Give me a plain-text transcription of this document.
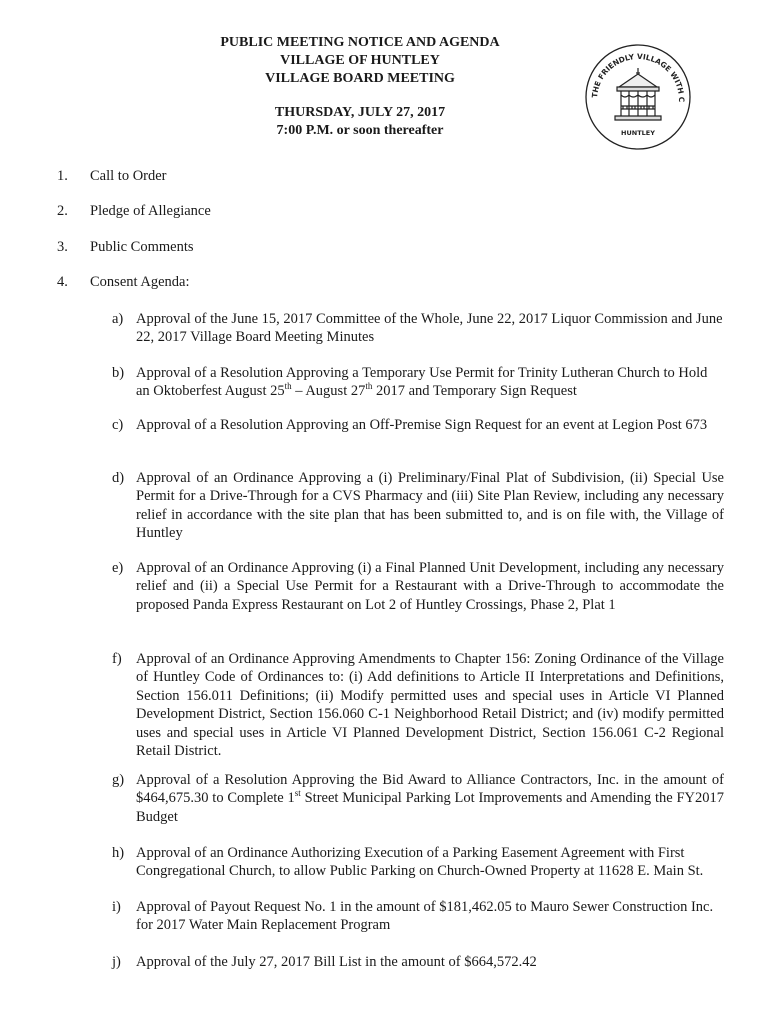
PUBLIC MEETING NOTICE AND AGENDA
VILLAGE OF HUNTLEY
VILLAGE BOARD MEETING
THURSDAY, JULY 27, 2017
7:00 P.M. or soon thereafter
THE FRIENDLY VILLAGE WITH C
HUNTLEY
1. Call to Order
2. Pledge of Allegiance
3. Public Comments
4. Consent Agenda:
a) Approval of the June 15, 2017 Committee of the Whole, June 22, 2017 Liquor Commission and June 22, 2017 Village Board Meeting Minutes
b) Approval of a Resolution Approving a Temporary Use Permit for Trinity Lutheran Church to Hold an Oktoberfest August 25th – August 27th 2017 and Temporary Sign Request
c) Approval of a Resolution Approving an Off-Premise Sign Request for an event at Legion Post 673
d) Approval of an Ordinance Approving a (i) Preliminary/Final Plat of Subdivision, (ii) Special Use Permit for a Drive-Through for a CVS Pharmacy and (iii) Site Plan Review, including any necessary relief in accordance with the site plan that has been submitted to, and is on file with, the Village of Huntley
e) Approval of an Ordinance Approving (i) a Final Planned Unit Development, including any necessary relief and (ii) a Special Use Permit for a Restaurant with a Drive-Through to accommodate the proposed Panda Express Restaurant on Lot 2 of Huntley Crossings, Phase 2, Plat 1
f) Approval of an Ordinance Approving Amendments to Chapter 156: Zoning Ordinance of the Village of Huntley Code of Ordinances to: (i) Add definitions to Article II Interpretations and Definitions, Section 156.011 Definitions; (ii) Modify permitted uses and special uses in Article VI Planned Development District, Section 156.060 C-1 Neighborhood Retail District; and (iv) modify permitted uses and special uses in Article VI Planned Development District, Section 156.061 C-2 Regional Retail District.
g) Approval of a Resolution Approving the Bid Award to Alliance Contractors, Inc. in the amount of $464,675.30 to Complete 1st Street Municipal Parking Lot Improvements and Amending the FY2017 Budget
h) Approval of an Ordinance Authorizing Execution of a Parking Easement Agreement with First Congregational Church, to allow Public Parking on Church-Owned Property at 11628 E. Main St.
i) Approval of Payout Request No. 1 in the amount of $181,462.05 to Mauro Sewer Construction Inc. for 2017 Water Main Replacement Program
j) Approval of the July 27, 2017 Bill List in the amount of $664,572.42
